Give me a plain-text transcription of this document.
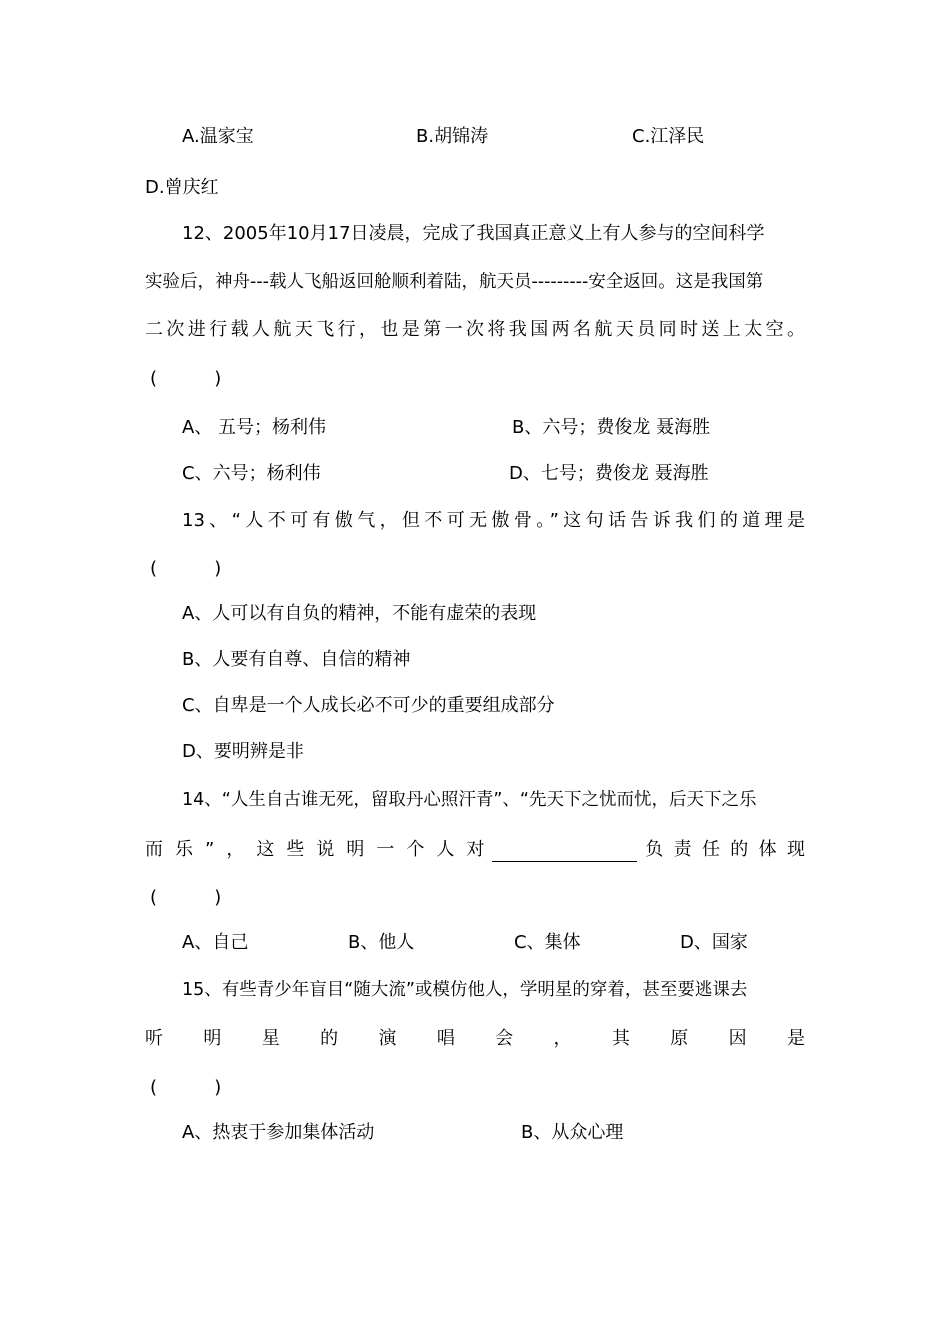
A.温家宝	B.胡锦涛	C.江泽民
D.曾庆红
12、2005年10月17日凌晨，完成了我国真正意义上有人参与的空间科学
实验后，神舟---载人飞船返回舱顺利着陆，航天员---------安全返回。这是我国第
二次进行载人航天飞行，也是第一次将我国两名航天员同时送上太空。
(          )
A、 五号；杨利伟	B、六号；费俊龙 聂海胜
C、六号；杨利伟	D、七号；费俊龙 聂海胜
13、“人不可有傲气，但不可无傲骨。”这句话告诉我们的道理是
(          )
A、人可以有自负的精神，不能有虚荣的表现
B、人要有自尊、自信的精神
C、自卑是一个人成长必不可少的重要组成部分
D、要明辨是非
14、“人生自古谁无死，留取丹心照汗青”、“先天下之忧而忧，后天下之乐
而乐”，这些说明一个人对	负责任的体现
(          )
A、自己	B、他人	C、集体	D、国家
15、有些青少年盲目“随大流”或模仿他人，学明星的穿着，甚至要逃课去
听明星的演唱会，其原因是
(          )
A、热衷于参加集体活动	B、从众心理
